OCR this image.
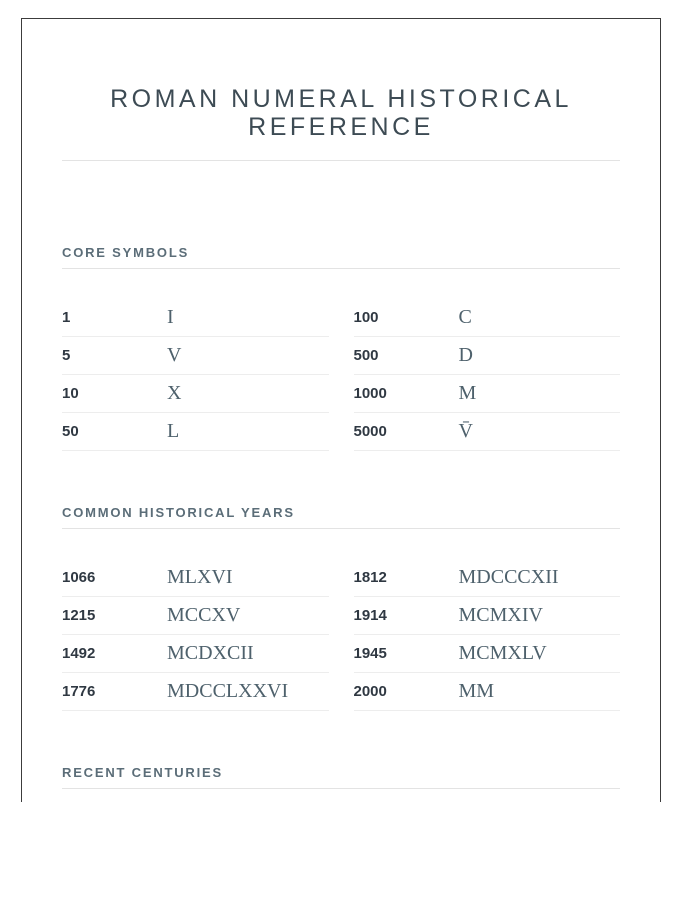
ROMAN NUMERAL HISTORICAL REFERENCE
CORE SYMBOLS
1	I
5	V
10	X
50	L
100	C
500	D
1000	M
5000	V̄
COMMON HISTORICAL YEARS
1066	MLXVI
1215	MCCXV
1492	MCDXCII
1776	MDCCLXXVI
1812	MDCCCXII
1914	MCMXIV
1945	MCMXLV
2000	MM
RECENT CENTURIES
